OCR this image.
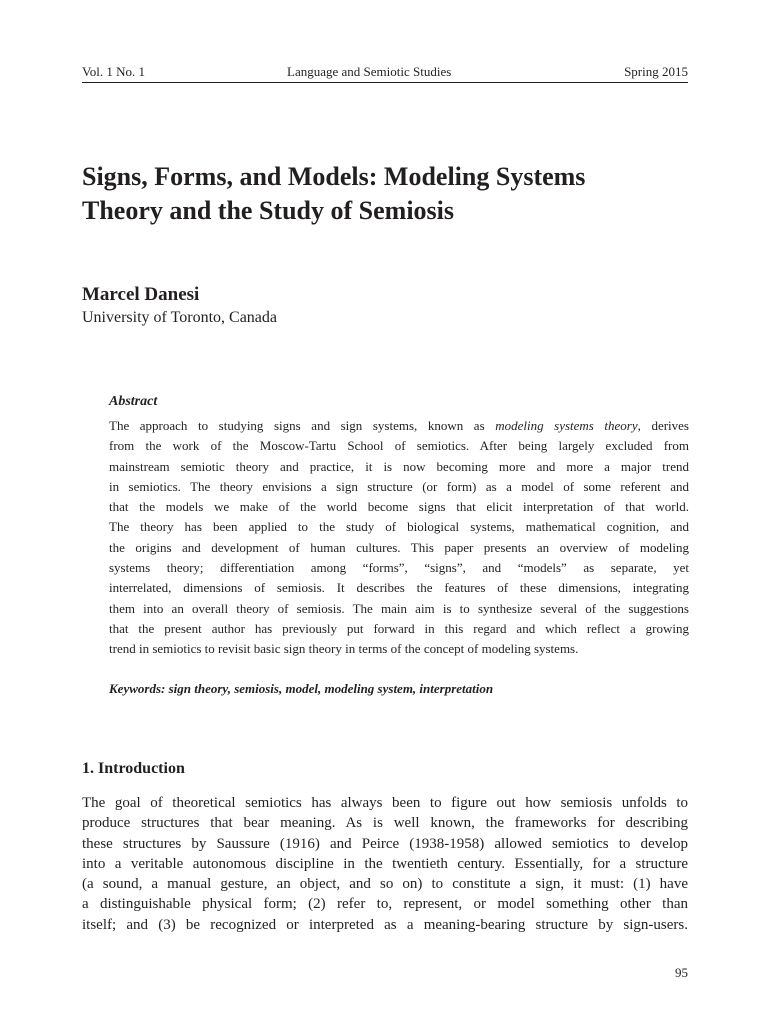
Vol. 1 No. 1	Language and Semiotic Studies	Spring 2015
Signs, Forms, and Models: Modeling Systems
Theory and the Study of Semiosis

Marcel Danesi

University of Toronto, Canada

Abstract

The approach to studying signs and sign systems, known as modeling systems theory, derives
from the work of the Moscow-Tartu School of semiotics. After being largely excluded from
mainstream semiotic theory and practice, it is now becoming more and more a major trend
in semiotics. The theory envisions a sign structure (or form) as a model of some referent and
that the models we make of the world become signs that elicit interpretation of that world.
The theory has been applied to the study of biological systems, mathematical cognition, and
the origins and development of human cultures. This paper presents an overview of modeling
systems theory; differentiation among “forms”, “signs”, and “models” as separate, yet
interrelated, dimensions of semiosis. It describes the features of these dimensions, integrating
them into an overall theory of semiosis. The main aim is to synthesize several of the suggestions
that the present author has previously put forward in this regard and which reflect a growing
trend in semiotics to revisit basic sign theory in terms of the concept of modeling systems.

Keywords: sign theory, semiosis, model, modeling system, interpretation

1. Introduction
The goal of theoretical semiotics has always been to figure out how semiosis unfolds to
produce structures that bear meaning. As is well known, the frameworks for describing
these structures by Saussure (1916) and Peirce (1938-1958) allowed semiotics to develop
into a veritable autonomous discipline in the twentieth century. Essentially, for a structure
(a sound, a manual gesture, an object, and so on) to constitute a sign, it must: (1) have
a distinguishable physical form; (2) refer to, represent, or model something other than
itself; and (3) be recognized or interpreted as a meaning-bearing structure by sign-users.
95
